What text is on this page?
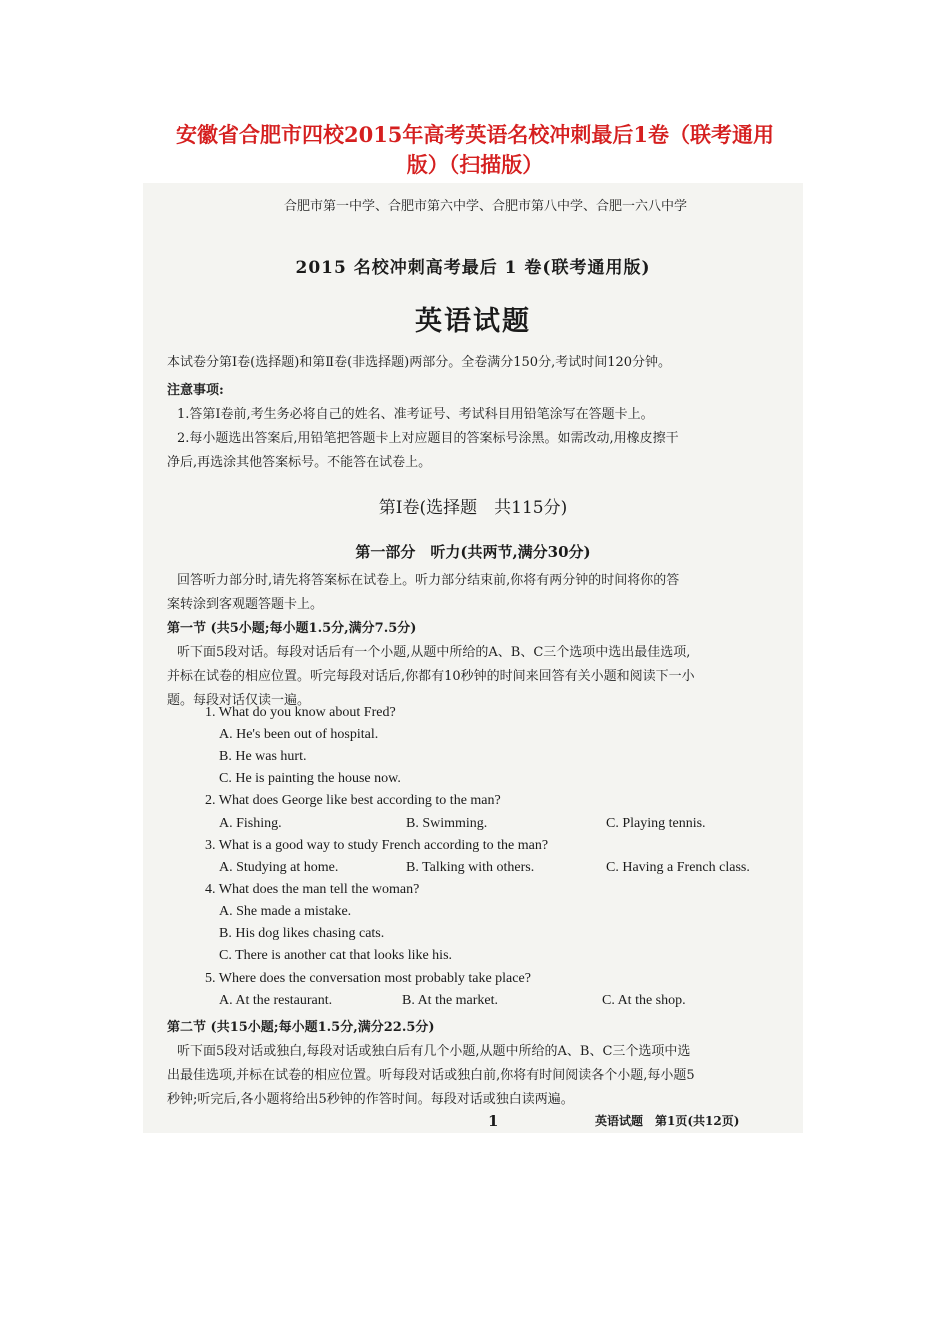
安徽省合肥市四校2015年高考英语名校冲刺最后1卷（联考通用
版）（扫描版）
合肥市第一中学、合肥市第六中学、合肥市第八中学、合肥一六八中学
2015 名校冲刺高考最后 1 卷(联考通用版)
英语试题
本试卷分第Ⅰ卷(选择题)和第Ⅱ卷(非选择题)两部分。全卷满分150分,考试时间120分钟。
注意事项:
1.答第Ⅰ卷前,考生务必将自己的姓名、准考证号、考试科目用铅笔涂写在答题卡上。
2.每小题选出答案后,用铅笔把答题卡上对应题目的答案标号涂黑。如需改动,用橡皮擦干
净后,再选涂其他答案标号。不能答在试卷上。
第Ⅰ卷(选择题　共115分)
第一部分　听力(共两节,满分30分)
回答听力部分时,请先将答案标在试卷上。听力部分结束前,你将有两分钟的时间将你的答
案转涂到客观题答题卡上。
第一节 (共5小题;每小题1.5分,满分7.5分)
听下面5段对话。每段对话后有一个小题,从题中所给的A、B、C三个选项中选出最佳选项,
并标在试卷的相应位置。听完每段对话后,你都有10秒钟的时间来回答有关小题和阅读下一小
题。每段对话仅读一遍。
1. What do you know about Fred?
A. He's been out of hospital.
B. He was hurt.
C. He is painting the house now.
2. What does George like best according to the man?
A. Fishing.	B. Swimming.	C. Playing tennis.
3. What is a good way to study French according to the man?
A. Studying at home.	B. Talking with others.	C. Having a French class.
4. What does the man tell the woman?
A. She made a mistake.
B. His dog likes chasing cats.
C. There is another cat that looks like his.
5. Where does the conversation most probably take place?
A. At the restaurant.	B. At the market.	C. At the shop.
第二节 (共15小题;每小题1.5分,满分22.5分)
听下面5段对话或独白,每段对话或独白后有几个小题,从题中所给的A、B、C三个选项中选
出最佳选项,并标在试卷的相应位置。听每段对话或独白前,你将有时间阅读各个小题,每小题5
秒钟;听完后,各小题将给出5秒钟的作答时间。每段对话或独白读两遍。
1	英语试题　第1页(共12页)
